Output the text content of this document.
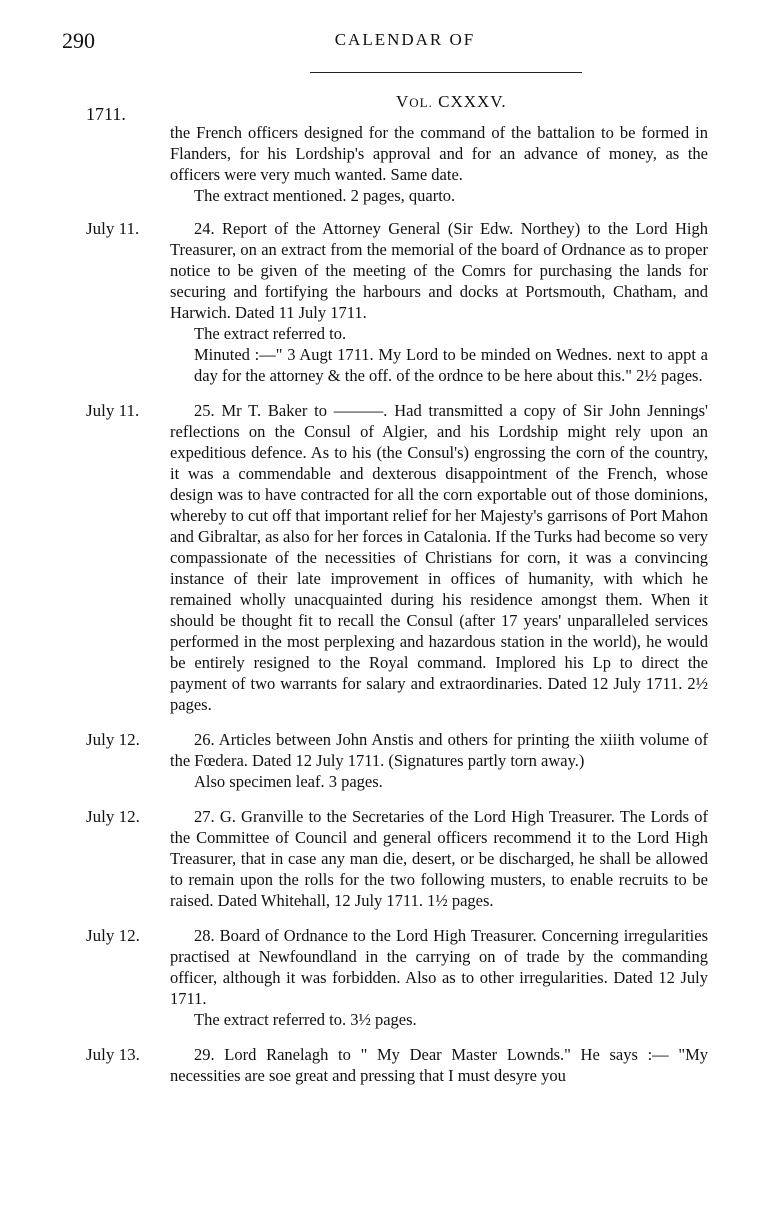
290	CALENDAR OF
1711.
VOL. CXXXV.

the French officers designed for the command of the battalion to be formed in Flanders, for his Lordship's approval and for an advance of money, as the officers were very much wanted. Same date.

The extract mentioned. 2 pages, quarto.

July 11.	24. Report of the Attorney General (Sir Edw. Northey) to the Lord High Treasurer, on an extract from the memorial of the board of Ordnance as to proper notice to be given of the meeting of the Comrs for purchasing the lands for securing and fortifying the harbours and docks at Portsmouth, Chatham, and Harwich. Dated 11 July 1711.

The extract referred to.

Minuted :—" 3 Augt 1711. My Lord to be minded on Wednes. next to appt a day for the attorney & the off. of the ordnce to be here about this." 2½ pages.

July 11.	25. Mr T. Baker to ———. Had transmitted a copy of Sir John Jennings' reflections on the Consul of Algier, and his Lordship might rely upon an expeditious defence. As to his (the Consul's) engrossing the corn of the country, it was a commendable and dexterous disappointment of the French, whose design was to have contracted for all the corn exportable out of those dominions, whereby to cut off that important relief for her Majesty's garrisons of Port Mahon and Gibraltar, as also for her forces in Catalonia. If the Turks had become so very compassionate of the necessities of Christians for corn, it was a convincing instance of their late improvement in offices of humanity, with which he remained wholly unacquainted during his residence amongst them. When it should be thought fit to recall the Consul (after 17 years' unparalleled services performed in the most perplexing and hazardous station in the world), he would be entirely resigned to the Royal command. Implored his Lp to direct the payment of two warrants for salary and extraordinaries. Dated 12 July 1711. 2½ pages.

July 12.	26. Articles between John Anstis and others for printing the xiiith volume of the Fœdera. Dated 12 July 1711. (Signatures partly torn away.)

Also specimen leaf. 3 pages.

July 12.	27. G. Granville to the Secretaries of the Lord High Treasurer. The Lords of the Committee of Council and general officers recommend it to the Lord High Treasurer, that in case any man die, desert, or be discharged, he shall be allowed to remain upon the rolls for the two following musters, to enable recruits to be raised. Dated Whitehall, 12 July 1711. 1½ pages.

July 12.	28. Board of Ordnance to the Lord High Treasurer. Concerning irregularities practised at Newfoundland in the carrying on of trade by the commanding officer, although it was forbidden. Also as to other irregularities. Dated 12 July 1711.

The extract referred to. 3½ pages.

July 13.	29. Lord Ranelagh to " My Dear Master Lownds." He says :— "My necessities are soe great and pressing that I must desyre you
